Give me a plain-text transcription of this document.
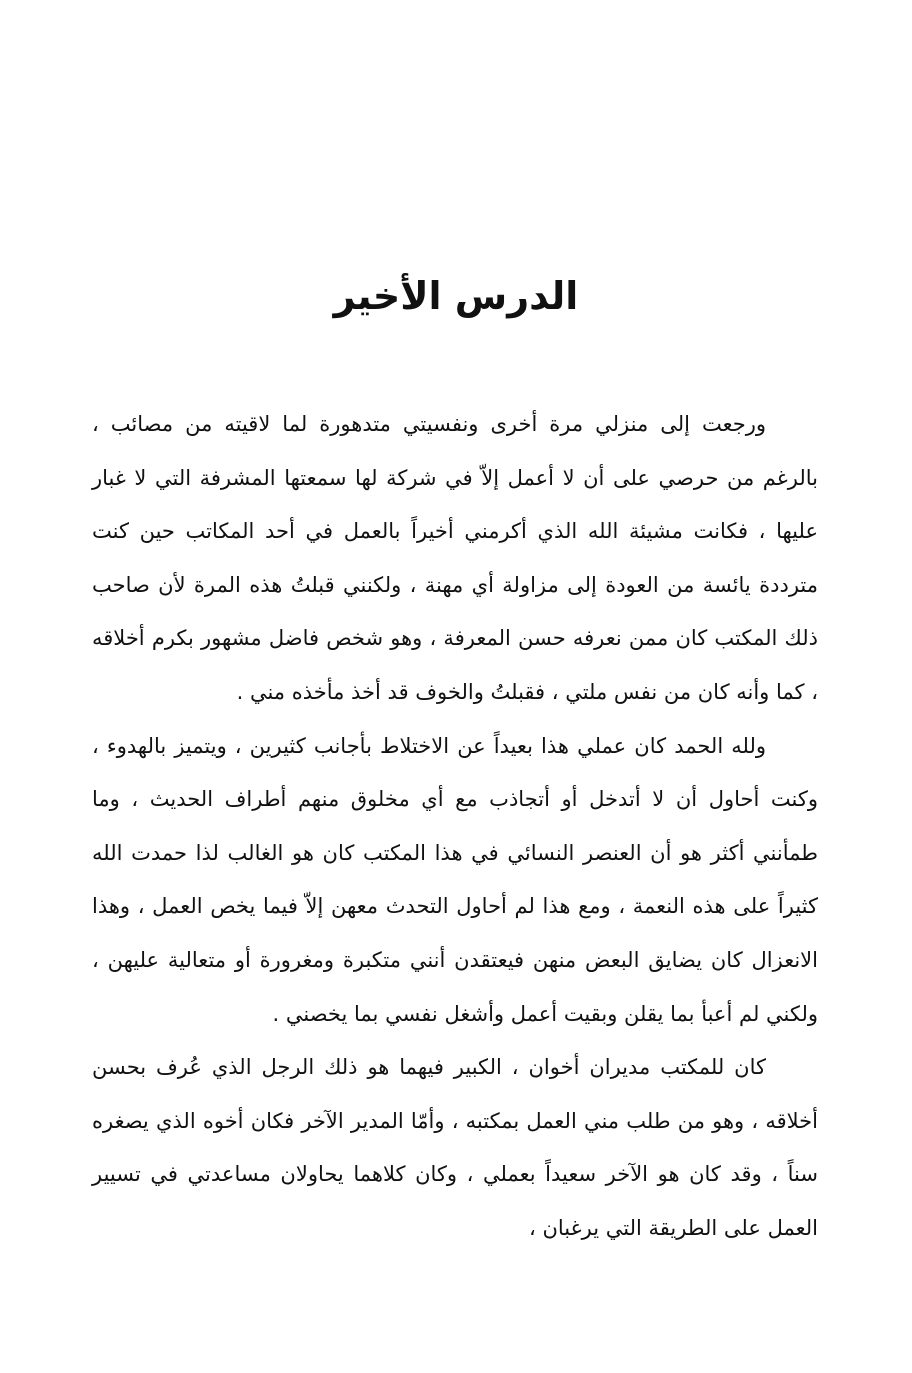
الدرس الأخير

ورجعت إلى منزلي مرة أخرى ونفسيتي متدهورة لما لاقيته من مصائب ، بالرغم من حرصي على أن لا أعمل إلاّ في شركة لها سمعتها المشرفة التي لا غبار عليها ، فكانت مشيئة الله الذي أكرمني أخيراً بالعمل في أحد المكاتب حين كنت مترددة يائسة من العودة إلى مزاولة أي مهنة ، ولكنني قبلتُ هذه المرة لأن صاحب ذلك المكتب كان ممن نعرفه حسن المعرفة ، وهو شخص فاضل مشهور بكرم أخلاقه ، كما وأنه كان من نفس ملتي ، فقبلتُ والخوف قد أخذ مأخذه مني .

ولله الحمد كان عملي هذا بعيداً عن الاختلاط بأجانب كثيرين ، ويتميز بالهدوء ، وكنت أحاول أن لا أتدخل أو أتجاذب مع أي مخلوق منهم أطراف الحديث ، وما طمأنني أكثر هو أن العنصر النسائي في هذا المكتب كان هو الغالب لذا حمدت الله كثيراً على هذه النعمة ، ومع هذا لم أحاول التحدث معهن إلاّ فيما يخص العمل ، وهذا الانعزال كان يضايق البعض منهن فيعتقدن أنني متكبرة ومغرورة أو متعالية عليهن ، ولكني لم أعبأ بما يقلن وبقيت أعمل وأشغل نفسي بما يخصني .

كان للمكتب مديران أخوان ، الكبير فيهما هو ذلك الرجل الذي عُرف بحسن أخلاقه ، وهو من طلب مني العمل بمكتبه ، وأمّا المدير الآخر فكان أخوه الذي يصغره سناً ، وقد كان هو الآخر سعيداً بعملي ، وكان كلاهما يحاولان مساعدتي في تسيير العمل على الطريقة التي يرغبان ،
